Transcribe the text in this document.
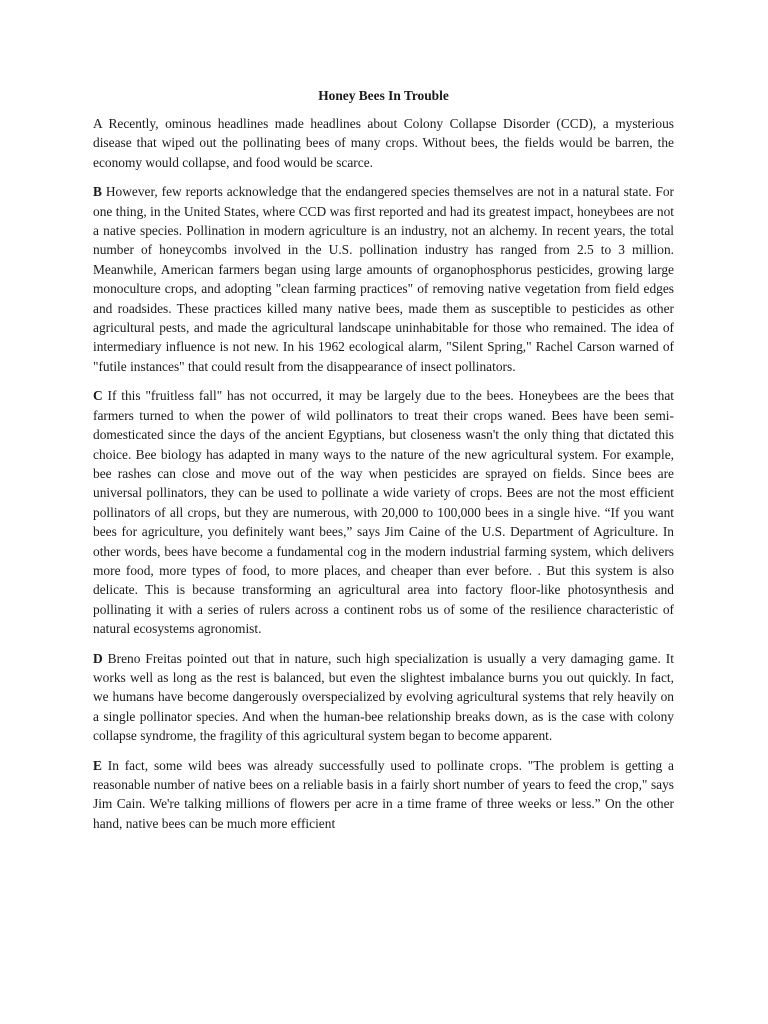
Honey Bees In Trouble

A Recently, ominous headlines made headlines about Colony Collapse Disorder (CCD), a mysterious disease that wiped out the pollinating bees of many crops. Without bees, the fields would be barren, the economy would collapse, and food would be scarce.

B However, few reports acknowledge that the endangered species themselves are not in a natural state. For one thing, in the United States, where CCD was first reported and had its greatest impact, honeybees are not a native species. Pollination in modern agriculture is an industry, not an alchemy. In recent years, the total number of honeycombs involved in the U.S. pollination industry has ranged from 2.5 to 3 million. Meanwhile, American farmers began using large amounts of organophosphorus pesticides, growing large monoculture crops, and adopting "clean farming practices" of removing native vegetation from field edges and roadsides. These practices killed many native bees, made them as susceptible to pesticides as other agricultural pests, and made the agricultural landscape uninhabitable for those who remained. The idea of intermediary influence is not new. In his 1962 ecological alarm, "Silent Spring," Rachel Carson warned of "futile instances" that could result from the disappearance of insect pollinators.

C If this "fruitless fall" has not occurred, it may be largely due to the bees. Honeybees are the bees that farmers turned to when the power of wild pollinators to treat their crops waned. Bees have been semi-domesticated since the days of the ancient Egyptians, but closeness wasn't the only thing that dictated this choice. Bee biology has adapted in many ways to the nature of the new agricultural system. For example, bee rashes can close and move out of the way when pesticides are sprayed on fields. Since bees are universal pollinators, they can be used to pollinate a wide variety of crops. Bees are not the most efficient pollinators of all crops, but they are numerous, with 20,000 to 100,000 bees in a single hive. “If you want bees for agriculture, you definitely want bees,” says Jim Caine of the U.S. Department of Agriculture. In other words, bees have become a fundamental cog in the modern industrial farming system, which delivers more food, more types of food, to more places, and cheaper than ever before. . But this system is also delicate. This is because transforming an agricultural area into factory floor-like photosynthesis and pollinating it with a series of rulers across a continent robs us of some of the resilience characteristic of natural ecosystems agronomist.

D Breno Freitas pointed out that in nature, such high specialization is usually a very damaging game. It works well as long as the rest is balanced, but even the slightest imbalance burns you out quickly. In fact, we humans have become dangerously overspecialized by evolving agricultural systems that rely heavily on a single pollinator species. And when the human-bee relationship breaks down, as is the case with colony collapse syndrome, the fragility of this agricultural system began to become apparent.

E In fact, some wild bees was already successfully used to pollinate crops. "The problem is getting a reasonable number of native bees on a reliable basis in a fairly short number of years to feed the crop," says Jim Cain. We're talking millions of flowers per acre in a time frame of three weeks or less.” On the other hand, native bees can be much more efficient
